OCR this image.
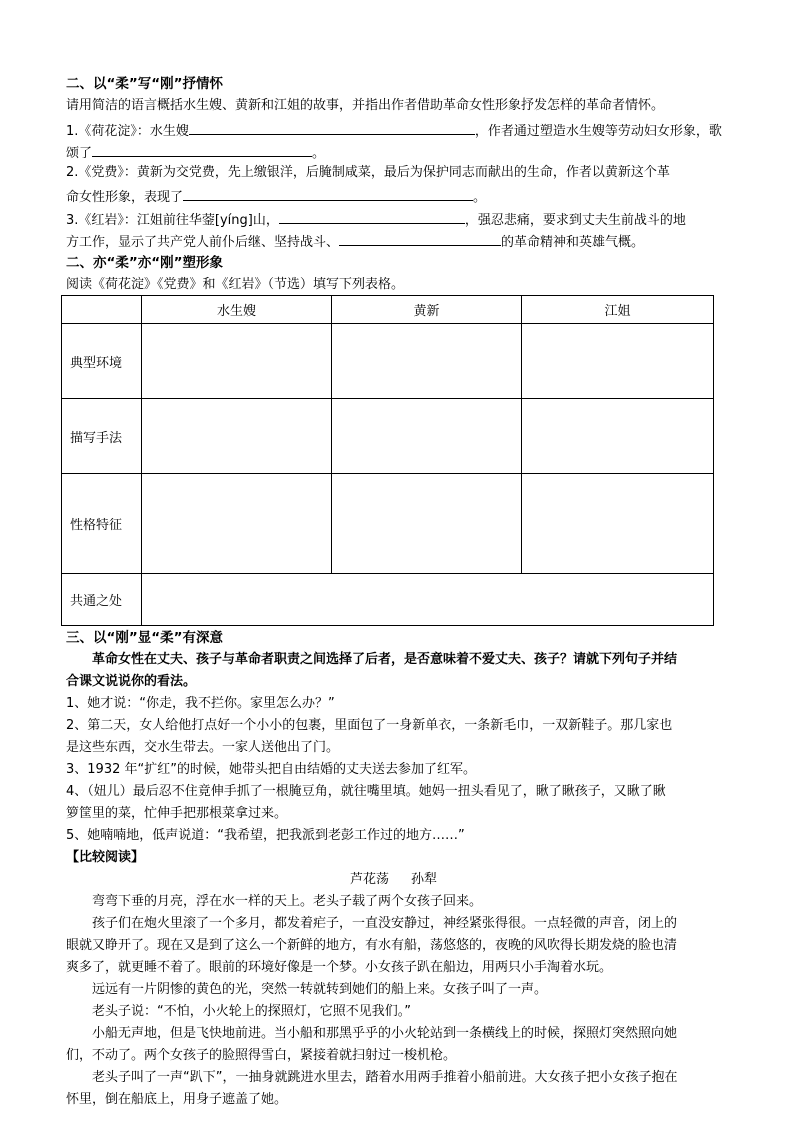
二、以“柔”写“刚”抒情怀
请用简洁的语言概括水生嫂、黄新和江姐的故事，并指出作者借助革命女性形象抒发怎样的革命者情怀。
1.《荷花淀》：水生嫂	，作者通过塑造水生嫂等劳动妇女形象，歌
颂了	。
2.《党费》：黄新为交党费，先上缴银洋，后腌制咸菜，最后为保护同志而献出的生命，作者以黄新这个革
命女性形象，表现了	。
3.《红岩》：江姐前往华蓥[yíng]山，	，强忍悲痛，要求到丈夫生前战斗的地
方工作，显示了共产党人前仆后继、坚持战斗、	的革命精神和英雄气概。
二、亦“柔”亦“刚”塑形象
阅读《荷花淀》《党费》和《红岩》（节选）填写下列表格。
	水生嫂	黄新	江姐
典型环境			
描写手法			
性格特征			
共通之处			
三、以“刚”显“柔”有深意
革命女性在丈夫、孩子与革命者职责之间选择了后者，是否意味着不爱丈夫、孩子？请就下列句子并结
合课文说说你的看法。
1、她才说：“你走，我不拦你。家里怎么办？”
2、第二天，女人给他打点好一个小小的包裹，里面包了一身新单衣，一条新毛巾，一双新鞋子。那几家也
是这些东西，交水生带去。一家人送他出了门。
3、1932 年“扩红”的时候，她带头把自由结婚的丈夫送去参加了红军。
4、（妞儿）最后忍不住竟伸手抓了一根腌豆角，就往嘴里填。她妈一扭头看见了，瞅了瞅孩子，又瞅了瞅
箩筐里的菜，忙伸手把那根菜拿过来。
5、她喃喃地，低声说道：“我希望，把我派到老彭工作过的地方……”
【比较阅读】
芦花荡 孙犁
弯弯下垂的月亮，浮在水一样的天上。老头子载了两个女孩子回来。
孩子们在炮火里滚了一个多月，都发着疟子，一直没安静过，神经紧张得很。一点轻微的声音，闭上的
眼就又睁开了。现在又是到了这么一个新鲜的地方，有水有船，荡悠悠的，夜晚的风吹得长期发烧的脸也清
爽多了，就更睡不着了。眼前的环境好像是一个梦。小女孩子趴在船边，用两只小手淘着水玩。
远远有一片阴惨的黄色的光，突然一转就转到她们的船上来。女孩子叫了一声。
老头子说：“不怕，小火轮上的探照灯，它照不见我们。”
小船无声地，但是飞快地前进。当小船和那黑乎乎的小火轮站到一条横线上的时候，探照灯突然照向她
们，不动了。两个女孩子的脸照得雪白，紧接着就扫射过一梭机枪。
老头子叫了一声“趴下”，一抽身就跳进水里去，踏着水用两手推着小船前进。大女孩子把小女孩子抱在
怀里，倒在船底上，用身子遮盖了她。
